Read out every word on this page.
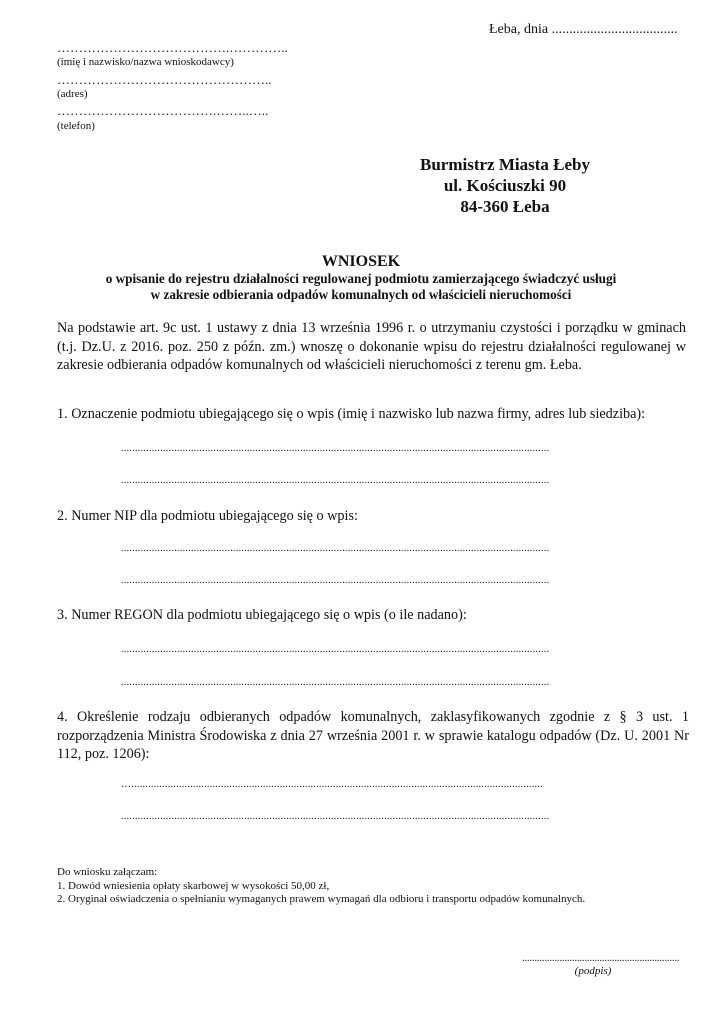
Łeba, dnia ....................................
………………………………….…………..
(imię i nazwisko/nazwa wnioskodawcy)
…………………………………………..
(adres)
……………………………….……..…..
(telefon)
Burmistrz Miasta Łeby
ul. Kościuszki 90
84-360 Łeba
WNIOSEK
o wpisanie do rejestru działalności regulowanej podmiotu zamierzającego świadczyć usługi
w zakresie odbierania odpadów komunalnych od właścicieli nieruchomości
Na podstawie art. 9c ust. 1 ustawy z dnia 13 września 1996 r. o utrzymaniu czystości i porządku w gminach (t.j. Dz.U. z 2016. poz. 250 z późn. zm.) wnoszę o dokonanie wpisu do rejestru działalności regulowanej w zakresie odbierania odpadów komunalnych od właścicieli nieruchomości z terenu gm. Łeba.
1. Oznaczenie podmiotu ubiegającego się o wpis (imię i nazwisko lub nazwa firmy, adres lub siedziba):
.........................................................................................................................................................
.........................................................................................................................................................
2. Numer NIP dla podmiotu ubiegającego się o wpis:
.........................................................................................................................................................
.........................................................................................................................................................
3. Numer REGON dla podmiotu ubiegającego się o wpis (o ile nadano):
.........................................................................................................................................................
.........................................................................................................................................................
4. Określenie rodzaju odbieranych odpadów komunalnych, zaklasyfikowanych zgodnie z § 3 ust. 1 rozporządzenia Ministra Środowiska z dnia 27 września 2001 r. w sprawie katalogu odpadów (Dz. U. 2001 Nr 112, poz. 1206):
…...................................................................................................................................................
.........................................................................................................................................................
Do wniosku załączam:
1. Dowód wniesienia opłaty skarbowej w wysokości 50,00 zł,
2. Oryginał oświadczenia o spełnianiu wymaganych prawem wymagań dla odbioru i transportu odpadów komunalnych.
...............................................................
(podpis)
